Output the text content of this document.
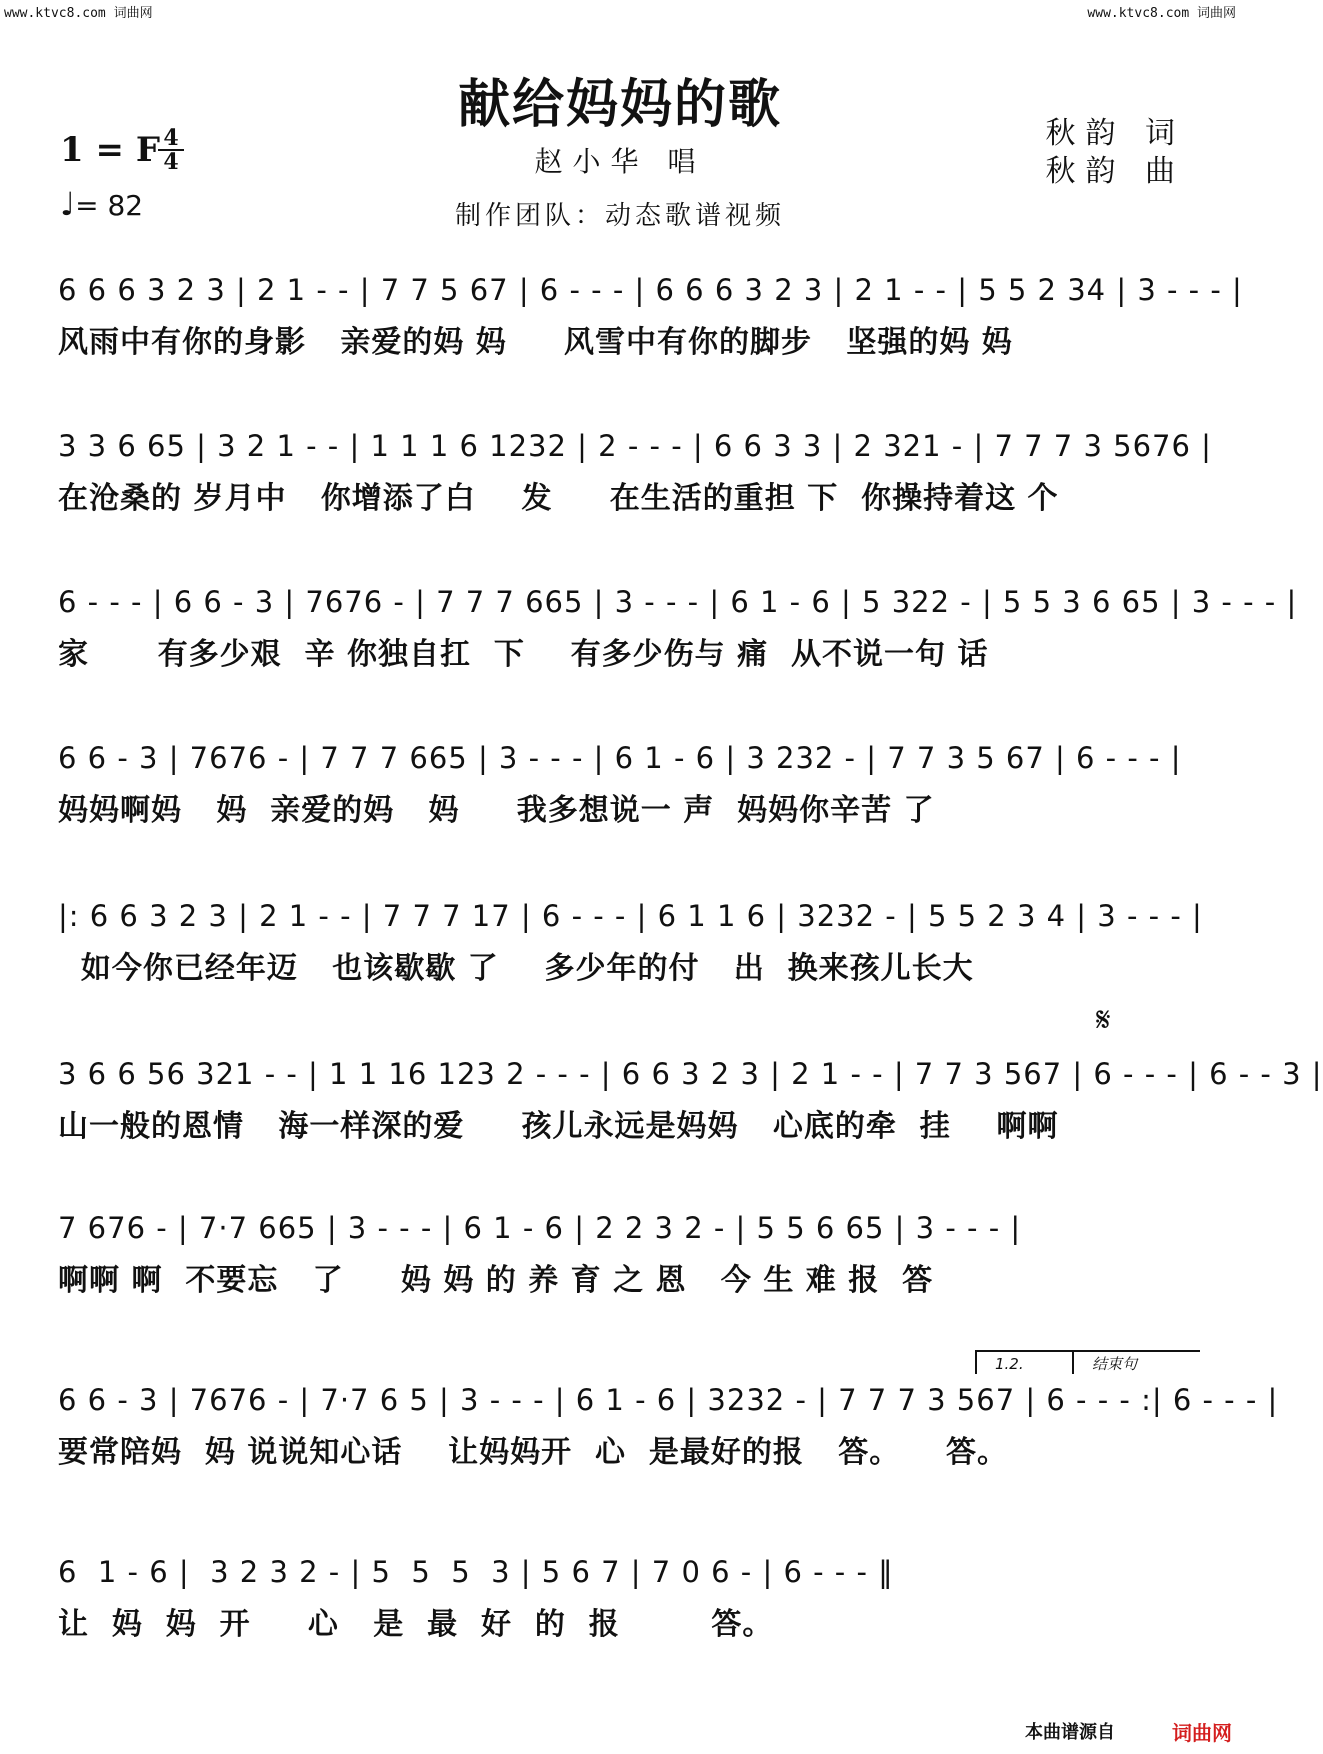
www.ktvc8.com 词曲网	www.ktvc8.com 词曲网
献给妈妈的歌
赵小华 唱
制作团队：动态歌谱视频
秋韵 词
秋韵 曲
1 = F 4
4
♩= 82
6 6 6 3 2 3 | 2 1 - - | 7 7 5 67 | 6 - - - | 6 6 6 3 2 3 | 2 1 - - | 5 5 2 34 | 3 - - - |
风雨中有你的身影   亲爱的妈 妈     风雪中有你的脚步   坚强的妈 妈
3 3 6 65 | 3 2 1 - - | 1 1 1 6 1232 | 2 - - - | 6 6 3 3 | 2 321 - | 7 7 7 3 5676 |
在沧桑的 岁月中   你增添了白    发     在生活的重担 下  你操持着这 个
6 - - - | 6 6 - 3 | 7676 - | 7 7 7 665 | 3 - - - | 6 1 - 6 | 5 322 - | 5 5 3 6 65 | 3 - - - |
家      有多少艰  辛 你独自扛  下    有多少伤与 痛  从不说一句 话
6 6 - 3 | 7676 - | 7 7 7 665 | 3 - - - | 6 1 - 6 | 3 232 - | 7 7 3 5 67 | 6 - - - |
妈妈啊妈   妈  亲爱的妈   妈     我多想说一 声  妈妈你辛苦 了
|: 6 6 3 2 3 | 2 1 - - | 7 7 7 17 | 6 - - - | 6 1 1 6 | 3232 - | 5 5 2 3 4 | 3 - - - |
如今你已经年迈   也该歇歇 了    多少年的付   出  换来孩儿长大
𝄋
3 6 6 56 321 - - | 1 1 16 123 2 - - - | 6 6 3 2 3 | 2 1 - - | 7 7 3 567 | 6 - - - | 6 - - 3 |
山一般的恩情   海一样深的爱     孩儿永远是妈妈   心底的牵  挂    啊啊
7 676 - | 7·7 665 | 3 - - - | 6 1 - 6 | 2 2 3 2 - | 5 5 6 65 | 3 - - - |
啊啊 啊  不要忘   了     妈 妈 的 养 育 之 恩   今 生 难 报  答
1.2.	结束句
6 6 - 3 | 7676 - | 7·7 6 5 | 3 - - - | 6 1 - 6 | 3232 - | 7 7 7 3 567 | 6 - - - :| 6 - - - |
要常陪妈  妈 说说知心话    让妈妈开  心  是最好的报   答。    答。
6  1 - 6 |  3 2 3 2 - | 5  5  5  3 | 5 6 7 | 7 0 6 - | 6 - - - ‖
让  妈  妈  开     心   是  最  好  的  报        答。
本曲谱源自	词曲网
